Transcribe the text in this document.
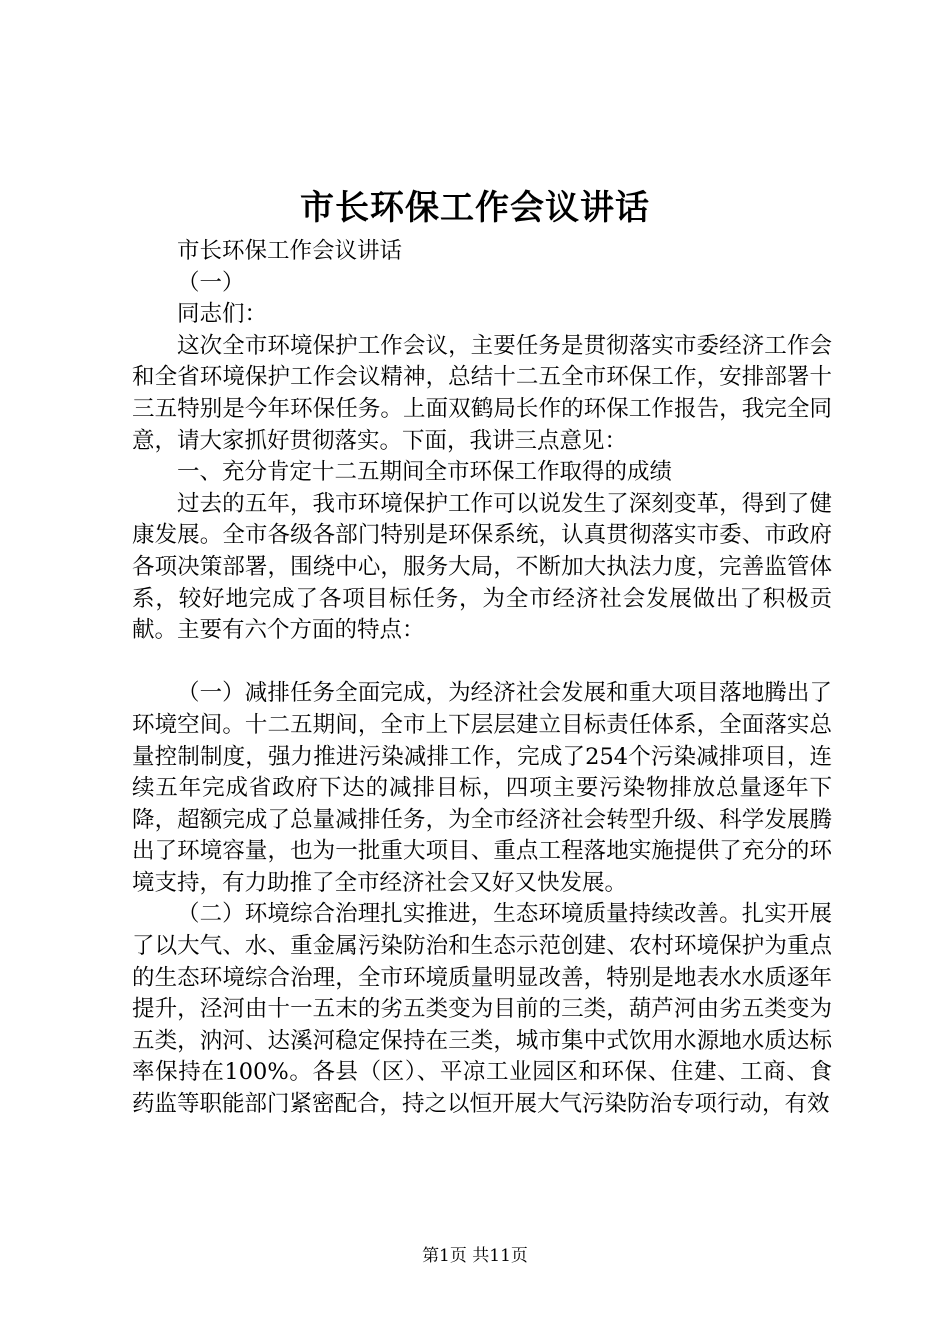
市长环保工作会议讲话

市长环保工作会议讲话

（一）

同志们：

这次全市环境保护工作会议，主要任务是贯彻落实市委经济工作会和全省环境保护工作会议精神，总结十二五全市环保工作，安排部署十三五特别是今年环保任务。上面双鹤局长作的环保工作报告，我完全同意，请大家抓好贯彻落实。下面，我讲三点意见：

一、充分肯定十二五期间全市环保工作取得的成绩

过去的五年，我市环境保护工作可以说发生了深刻变革，得到了健康发展。全市各级各部门特别是环保系统，认真贯彻落实市委、市政府各项决策部署，围绕中心，服务大局，不断加大执法力度，完善监管体系，较好地完成了各项目标任务，为全市经济社会发展做出了积极贡献。主要有六个方面的特点：

（一）减排任务全面完成，为经济社会发展和重大项目落地腾出了环境空间。十二五期间，全市上下层层建立目标责任体系，全面落实总量控制制度，强力推进污染减排工作，完成了254个污染减排项目，连续五年完成省政府下达的减排目标，四项主要污染物排放总量逐年下降，超额完成了总量减排任务，为全市经济社会转型升级、科学发展腾出了环境容量，也为一批重大项目、重点工程落地实施提供了充分的环境支持，有力助推了全市经济社会又好又快发展。

（二）环境综合治理扎实推进，生态环境质量持续改善。扎实开展了以大气、水、重金属污染防治和生态示范创建、农村环境保护为重点的生态环境综合治理，全市环境质量明显改善，特别是地表水水质逐年提升，泾河由十一五末的劣五类变为目前的三类，葫芦河由劣五类变为五类，汭河、达溪河稳定保持在三类，城市集中式饮用水源地水质达标率保持在100%。各县（区）、平凉工业园区和环保、住建、工商、食药监等职能部门紧密配合，持之以恒开展大气污染防治专项行动，有效

第1页 共11页
